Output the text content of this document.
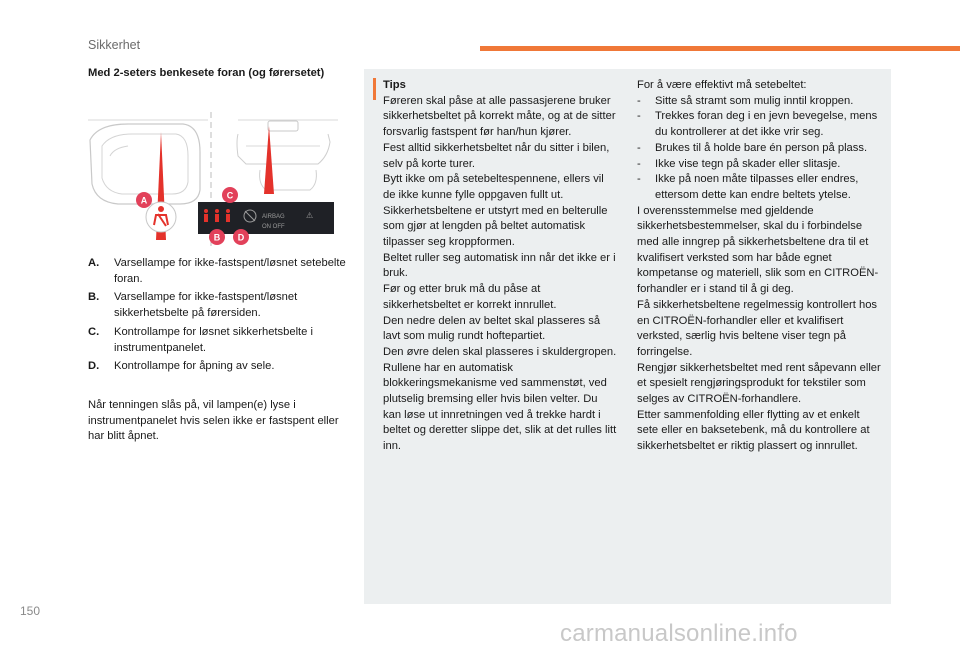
Sikkerhet
Med 2-seters benkesete foran (og førersetet)
AIRBAG
ON OFF
⚠
A	C
B D
A.	Varsellampe for ikke-fastspent/løsnet setebelte foran.
B.	Varsellampe for ikke-fastspent/løsnet sikkerhetsbelte på førersiden.
C.	Kontrollampe for løsnet sikkerhetsbelte i instrumentpanelet.
D.	Kontrollampe for åpning av sele.
Når tenningen slås på, vil lampen(e) lyse i instrumentpanelet hvis selen ikke er fastspent eller har blitt åpnet.
Tips
Føreren skal påse at alle passasjerene bruker sikkerhetsbeltet på korrekt måte, og at de sitter forsvarlig fastspent før han/hun kjører.
Fest alltid sikkerhetsbeltet når du sitter i bilen, selv på korte turer.
Bytt ikke om på setebeltespennene, ellers vil de ikke kunne fylle oppgaven fullt ut.
Sikkerhetsbeltene er utstyrt med en belterulle som gjør at lengden på beltet automatisk tilpasser seg kroppformen.
Beltet ruller seg automatisk inn når det ikke er i bruk.
Før og etter bruk må du påse at sikkerhetsbeltet er korrekt innrullet.
Den nedre delen av beltet skal plasseres så lavt som mulig rundt hoftepartiet.
Den øvre delen skal plasseres i skuldergropen.
Rullene har en automatisk blokkeringsmekanisme ved sammenstøt, ved plutselig bremsing eller hvis bilen velter. Du kan løse ut innretningen ved å trekke hardt i beltet og deretter slippe det, slik at det rulles litt inn.
For å være effektivt må setebeltet:
-	Sitte så stramt som mulig inntil kroppen.
-	Trekkes foran deg i en jevn bevegelse, mens du kontrollerer at det ikke vrir seg.
-	Brukes til å holde bare én person på plass.
-	Ikke vise tegn på skader eller slitasje.
-	Ikke på noen måte tilpasses eller endres, ettersom dette kan endre beltets ytelse.
I overensstemmelse med gjeldende sikkerhetsbestemmelser, skal du i forbindelse med alle inngrep på sikkerhetsbeltene dra til et kvalifisert verksted som har både egnet kompetanse og materiell, slik som en CITROËN-forhandler er i stand til å gi deg.
Få sikkerhetsbeltene regelmessig kontrollert hos en CITROËN-forhandler eller et kvalifisert verksted, særlig hvis beltene viser tegn på forringelse.
Rengjør sikkerhetsbeltet med rent såpevann eller et spesielt rengjøringsprodukt for tekstiler som selges av CITROËN-forhandlere.
Etter sammenfolding eller flytting av et enkelt sete eller en baksetebenk, må du kontrollere at sikkerhetsbeltet er riktig plassert og innrullet.
150
carmanualsonline.info
